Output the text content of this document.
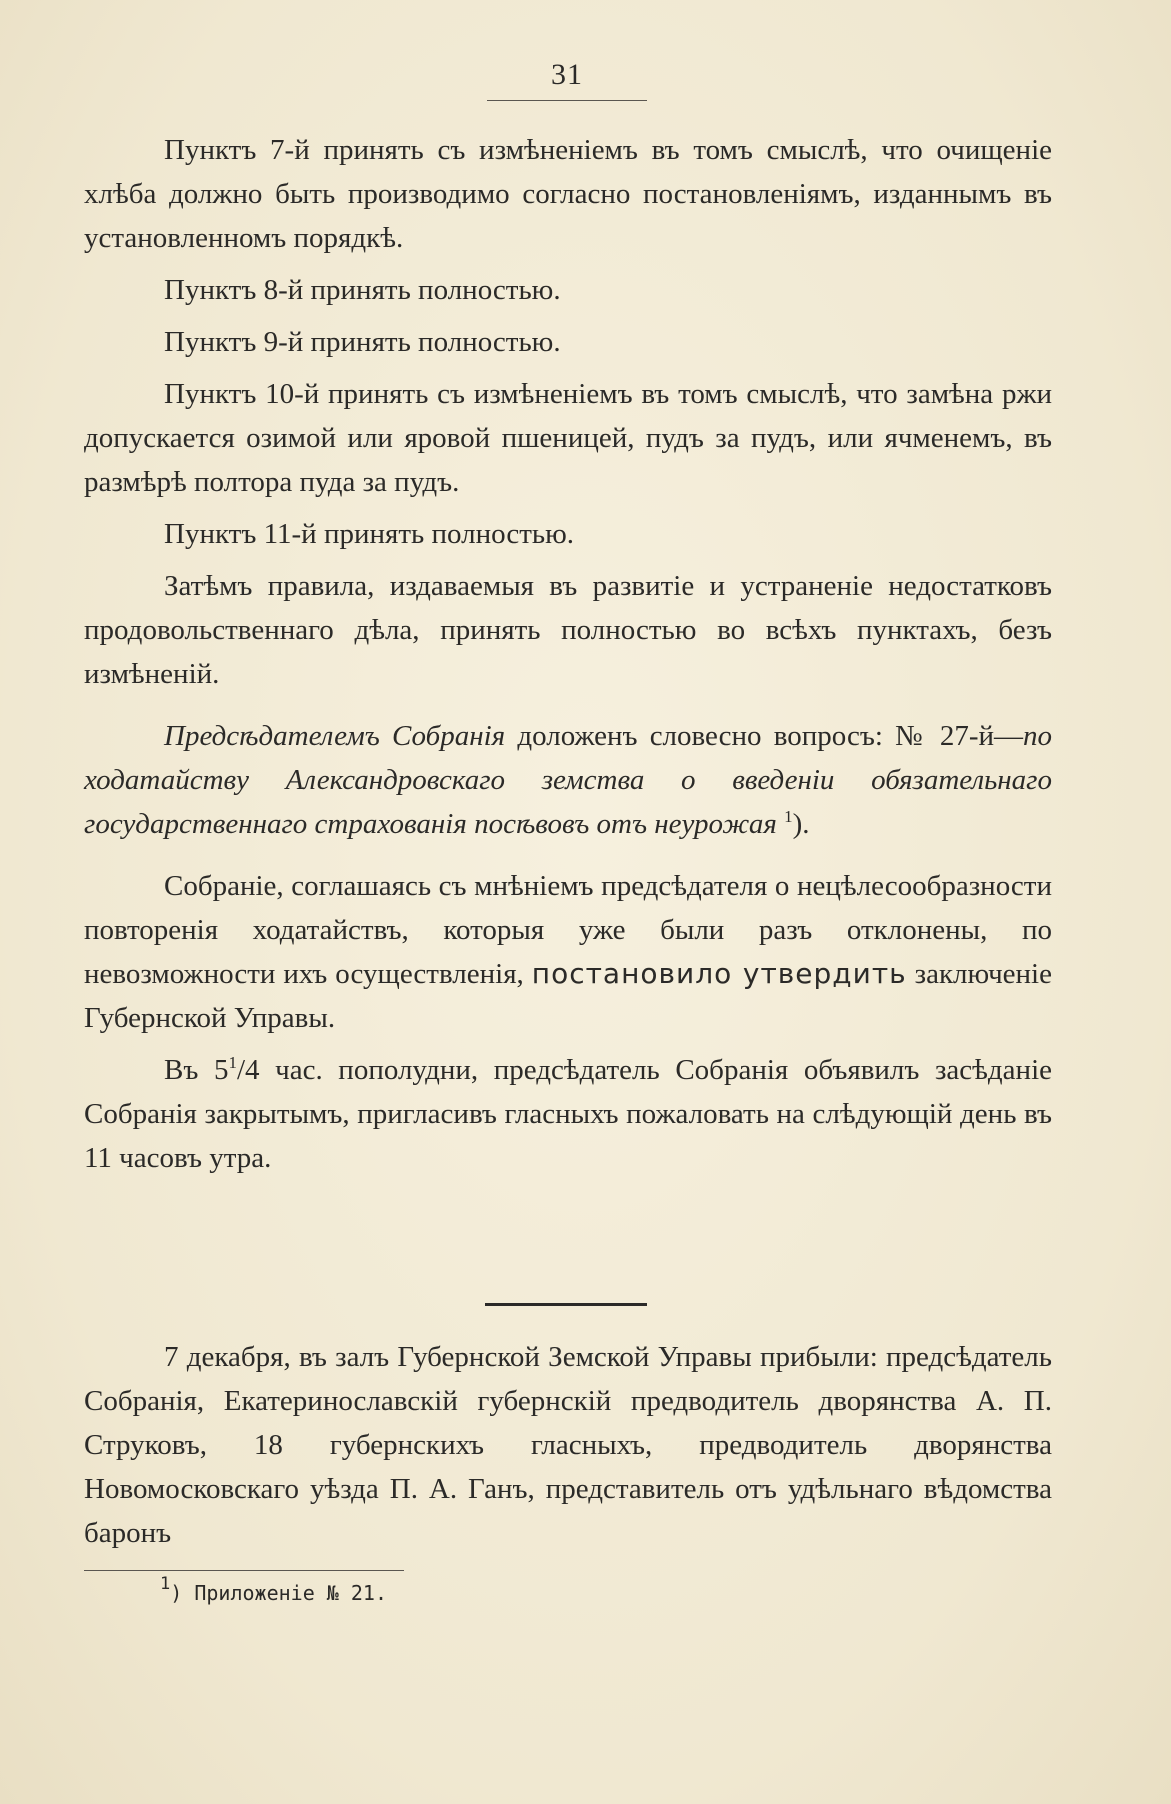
31

Пунктъ 7-й принять съ измѣненіемъ въ томъ смыслѣ, что очищеніе хлѣба должно быть производимо согласно постановленіямъ, изданнымъ въ установленномъ порядкѣ.

Пунктъ 8-й принять полностью.

Пунктъ 9-й принять полностью.

Пунктъ 10-й принять съ измѣненіемъ въ томъ смыслѣ, что замѣна ржи допускается озимой или яровой пшеницей, пудъ за пудъ, или ячменемъ, въ размѣрѣ полтора пуда за пудъ.

Пунктъ 11-й принять полностью.

Затѣмъ правила, издаваемыя въ развитіе и устраненіе недостатковъ продовольственнаго дѣла, принять полностью во всѣхъ пунктахъ, безъ измѣненій.

Предсѣдателемъ Собранія доложенъ словесно вопросъ: № 27-й—по ходатайству Александровскаго земства о введеніи обязательнаго государственнаго страхованія посѣвовъ отъ неурожая $^1$).

Собраніе, соглашаясь съ мнѣніемъ предсѣдателя о нецѣлесообразности повторенія ходатайствъ, которыя уже были разъ отклонены, по невозможности ихъ осуществленія, постановило утвердить заключеніе Губернской Управы.

Въ $5^1/4$ час. пополудни, предсѣдатель Собранія объявилъ засѣданіе Собранія закрытымъ, пригласивъ гласныхъ пожаловать на слѣдующій день въ 11 часовъ утра.

7 декабря, въ залъ Губернской Земской Управы прибыли: предсѣдатель Собранія, Екатеринославскій губернскій предводитель дворянства А. П. Струковъ, 18 губернскихъ гласныхъ, предводитель дворянства Новомосковскаго уѣзда П. А. Ганъ, представитель отъ удѣльнаго вѣдомства баронъ

$^1$) Приложеніе № 21.
